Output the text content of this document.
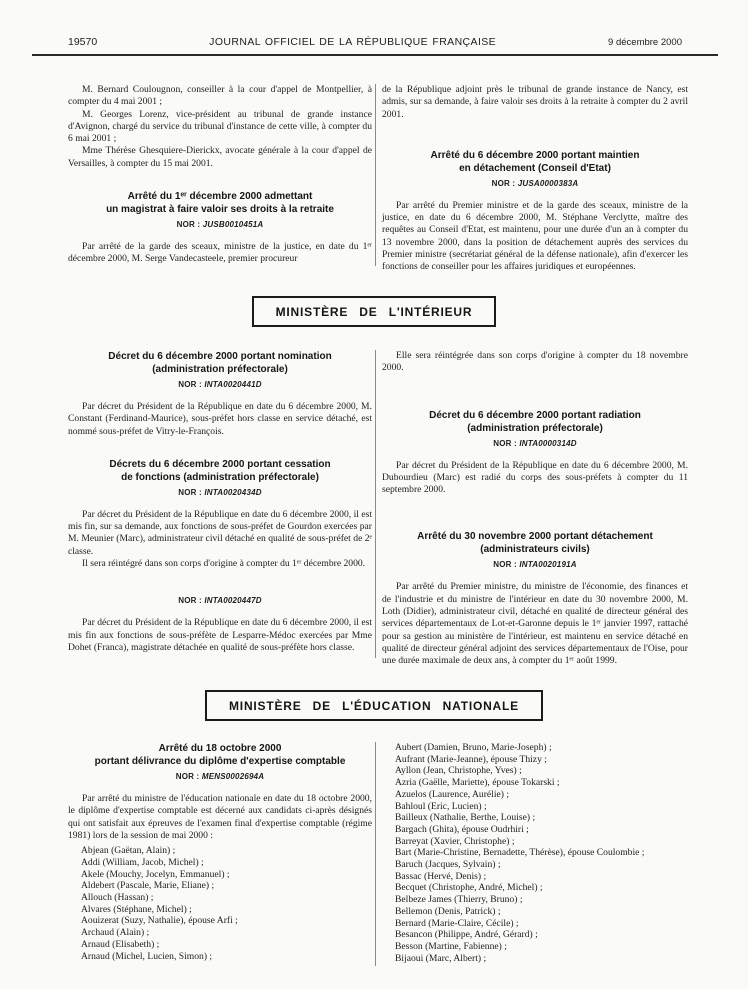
19570	JOURNAL OFFICIEL DE LA RÉPUBLIQUE FRANÇAISE	9 décembre 2000

M. Bernard Coulougnon, conseiller à la cour d'appel de Montpellier, à compter du 4 mai 2001 ;

M. Georges Lorenz, vice-président au tribunal de grande instance d'Avignon, chargé du service du tribunal d'instance de cette ville, à compter du 6 mai 2001 ;

Mme Thérèse Ghesquiere-Dierickx, avocate générale à la cour d'appel de Versailles, à compter du 15 mai 2001.

Arrêté du 1ᵉʳ décembre 2000 admettant
un magistrat à faire valoir ses droits à la retraite
NOR : JUSB0010451A

Par arrêté de la garde des sceaux, ministre de la justice, en date du 1ᵉʳ décembre 2000, M. Serge Vandecasteele, premier procureur

de la République adjoint près le tribunal de grande instance de Nancy, est admis, sur sa demande, à faire valoir ses droits à la retraite à compter du 2 avril 2001.

Arrêté du 6 décembre 2000 portant maintien
en détachement (Conseil d'Etat)
NOR : JUSA0000383A

Par arrêté du Premier ministre et de la garde des sceaux, ministre de la justice, en date du 6 décembre 2000, M. Stéphane Verclytte, maître des requêtes au Conseil d'Etat, est maintenu, pour une durée d'un an à compter du 13 novembre 2000, dans la position de détachement auprès des services du Premier ministre (secrétariat général de la défense nationale), afin d'exercer les fonctions de conseiller pour les affaires juridiques et européennes.

MINISTÈRE DE L'INTÉRIEUR
Décret du 6 décembre 2000 portant nomination
(administration préfectorale)
NOR : INTA0020441D

Par décret du Président de la République en date du 6 décembre 2000, M. Constant (Ferdinand-Maurice), sous-préfet hors classe en service détaché, est nommé sous-préfet de Vitry-le-François.

Décrets du 6 décembre 2000 portant cessation
de fonctions (administration préfectorale)
NOR : INTA0020434D

Par décret du Président de la République en date du 6 décembre 2000, il est mis fin, sur sa demande, aux fonctions de sous-préfet de Gourdon exercées par M. Meunier (Marc), administrateur civil détaché en qualité de sous-préfet de 2ᵉ classe.

Il sera réintégré dans son corps d'origine à compter du 1ᵉʳ décembre 2000.

NOR : INTA0020447D

Par décret du Président de la République en date du 6 décembre 2000, il est mis fin aux fonctions de sous-préfète de Lesparre-Médoc exercées par Mme Dohet (Franca), magistrate détachée en qualité de sous-préfète hors classe.

Elle sera réintégrée dans son corps d'origine à compter du 18 novembre 2000.

Décret du 6 décembre 2000 portant radiation
(administration préfectorale)
NOR : INTA0000314D

Par décret du Président de la République en date du 6 décembre 2000, M. Dubourdieu (Marc) est radié du corps des sous-préfets à compter du 11 septembre 2000.

Arrêté du 30 novembre 2000 portant détachement
(administrateurs civils)
NOR : INTA0020191A

Par arrêté du Premier ministre, du ministre de l'économie, des finances et de l'industrie et du ministre de l'intérieur en date du 30 novembre 2000, M. Loth (Didier), administrateur civil, détaché en qualité de directeur général des services départementaux de Lot-et-Garonne depuis le 1ᵉʳ janvier 1997, rattaché pour sa gestion au ministère de l'intérieur, est maintenu en service détaché en qualité de directeur général adjoint des services départementaux de l'Oise, pour une durée maximale de deux ans, à compter du 1ᵉʳ août 1999.

MINISTÈRE DE L'ÉDUCATION NATIONALE
Arrêté du 18 octobre 2000
portant délivrance du diplôme d'expertise comptable
NOR : MENS0002694A

Par arrêté du ministre de l'éducation nationale en date du 18 octobre 2000, le diplôme d'expertise comptable est décerné aux candidats ci-après désignés qui ont satisfait aux épreuves de l'examen final d'expertise comptable (régime 1981) lors de la session de mai 2000 :

Abjean (Gaëtan, Alain) ;
Addi (William, Jacob, Michel) ;
Akele (Mouchy, Jocelyn, Emmanuel) ;
Aldebert (Pascale, Marie, Eliane) ;
Allouch (Hassan) ;
Alvares (Stéphane, Michel) ;
Aouizerat (Suzy, Nathalie), épouse Arfi ;
Archaud (Alain) ;
Arnaud (Elisabeth) ;
Arnaud (Michel, Lucien, Simon) ;
Aubert (Damien, Bruno, Marie-Joseph) ;
Aufrant (Marie-Jeanne), épouse Thizy ;
Ayllon (Jean, Christophe, Yves) ;
Azria (Gaëlle, Mariette), épouse Tokarski ;
Azuelos (Laurence, Aurélie) ;
Bahloul (Eric, Lucien) ;
Bailleux (Nathalie, Berthe, Louise) ;
Bargach (Ghita), épouse Oudrhiri ;
Barreyat (Xavier, Christophe) ;
Bart (Marie-Christine, Bernadette, Thérèse), épouse Coulombie ;
Baruch (Jacques, Sylvain) ;
Bassac (Hervé, Denis) ;
Becquet (Christophe, André, Michel) ;
Belbeze James (Thierry, Bruno) ;
Bellemon (Denis, Patrick) ;
Bernard (Marie-Claire, Cécile) ;
Besancon (Philippe, André, Gérard) ;
Besson (Martine, Fabienne) ;
Bijaoui (Marc, Albert) ;
